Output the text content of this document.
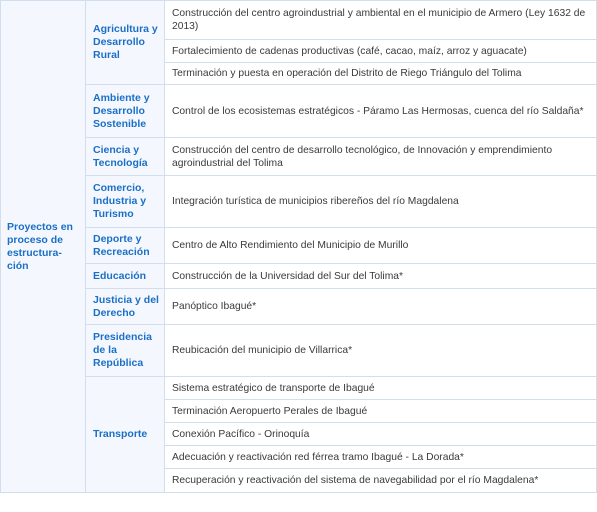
Proyectos en proceso de estructura-ción	Agricultura y Desarrollo Rural	Construcción del centro agroindustrial y ambiental en el municipio de Armero (Ley 1632 de 2013)
		Fortalecimiento de cadenas productivas (café, cacao, maíz, arroz y aguacate)
		Terminación y puesta en operación del Distrito de Riego Triángulo del Tolima
	Ambiente y Desarrollo Sostenible	Control de los ecosistemas estratégicos - Páramo Las Hermosas, cuenca del río Saldaña*
	Ciencia y Tecnología	Construcción del centro de desarrollo tecnológico, de Innovación y emprendimiento agroindustrial del Tolima
	Comercio, Industria y Turismo	Integración turística de municipios ribereños del río Magdalena
	Deporte y Recreación	Centro de Alto Rendimiento del Municipio de Murillo
	Educación	Construcción de la Universidad del Sur del Tolima*
	Justicia y del Derecho	Panóptico Ibagué*
	Presidencia de la República	Reubicación del municipio de Villarrica*
	Transporte	Sistema estratégico de transporte de Ibagué
		Terminación Aeropuerto Perales de Ibagué
		Conexión Pacífico - Orinoquía
		Adecuación y reactivación red férrea tramo Ibagué - La Dorada*
		Recuperación y reactivación del sistema de navegabilidad por el río Magdalena*
